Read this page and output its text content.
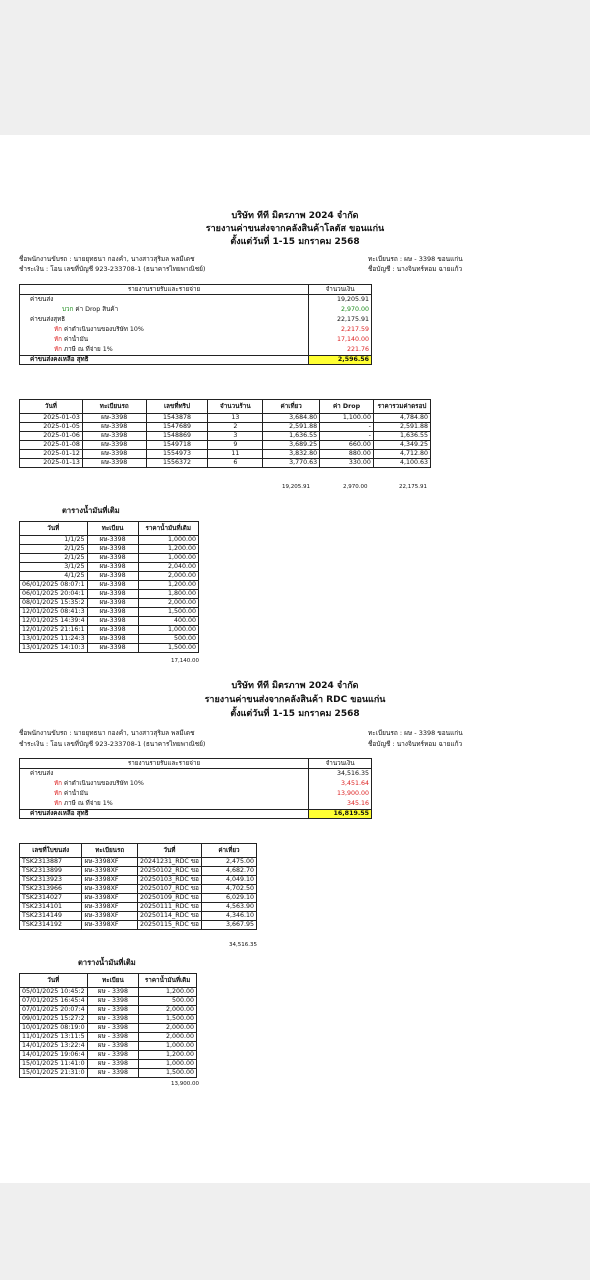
บริษัท ทีที มิตรภาพ 2024 จำกัด
รายงานค่าขนส่งจากคลังสินค้าโลตัส ขอนแก่น
ตั้งแต่วันที่ 1-15 มกราคม 2568
ชื่อพนักงานขับรถ : นายยุทธนา กองคำ, นางสาวสุริมล พลมีเดช
ชำระเงิน : โอน เลขที่บัญชี 923-233708-1 (ธนาคารไทยพาณิชย์)
ทะเบียนรถ : ผษ - 3398 ขอนแก่น
ชื่อบัญชี : นางจินทร์หอม ฉายแก้ว
รายงานรายรับและรายจ่าย	จำนวนเงิน
ค่าขนส่ง	19,205.91
บวก ค่า Drop สินค้า	2,970.00
ค่าขนส่งสุทธิ	22,175.91
หัก ค่าดำเนินงานของบริษัท 10%	2,217.59
หัก ค่าน้ำมัน	17,140.00
หัก ภาษี ณ ที่จ่าย 1%	221.76
ค่าขนส่งคงเหลือ สุทธิ	2,596.56
วันที่	ทะเบียนรถ	เลขที่ทริป	จำนวนร้าน	ค่าเที่ยว	ค่า Drop	ราคารวมค่าดรอป
2025-01-03	ผษ-3398	1543878	13	3,684.80	1,100.00	4,784.80
2025-01-05	ผษ-3398	1547689	2	2,591.88	-	2,591.88
2025-01-06	ผษ-3398	1548869	3	1,636.55	-	1,636.55
2025-01-08	ผษ-3398	1549718	9	3,689.25	660.00	4,349.25
2025-01-12	ผษ-3398	1554973	11	3,832.80	880.00	4,712.80
2025-01-13	ผษ-3398	1556372	6	3,770.63	330.00	4,100.63
19,205.91	2,970.00	22,175.91
ตารางน้ำมันที่เติม
วันที่	ทะเบียน	ราคาน้ำมันที่เติม
1/1/25	ผษ-3398	1,000.00
2/1/25	ผษ-3398	1,200.00
2/1/25	ผษ-3398	1,000.00
3/1/25	ผษ-3398	2,040.00
4/1/25	ผษ-3398	2,000.00
06/01/2025 08:07:1	ผษ-3398	1,200.00
06/01/2025 20:04:1	ผษ-3398	1,800.00
08/01/2025 15:35:2	ผษ-3398	2,000.00
12/01/2025 08:41:3	ผษ-3398	1,500.00
12/01/2025 14:39:4	ผษ-3398	400.00
12/01/2025 21:16:1	ผษ-3398	1,000.00
13/01/2025 11:24:3	ผษ-3398	500.00
13/01/2025 14:10:3	ผษ-3398	1,500.00
17,140.00
บริษัท ทีที มิตรภาพ 2024 จำกัด
รายงานค่าขนส่งจากคลังสินค้า RDC ขอนแก่น
ตั้งแต่วันที่ 1-15 มกราคม 2568
ชื่อพนักงานขับรถ : นายยุทธนา กองคำ, นางสาวสุริมล พลมีเดช
ชำระเงิน : โอน เลขที่บัญชี 923-233708-1 (ธนาคารไทยพาณิชย์)
ทะเบียนรถ : ผษ - 3398 ขอนแก่น
ชื่อบัญชี : นางจินทร์หอม ฉายแก้ว
รายงานรายรับและรายจ่าย	จำนวนเงิน
ค่าขนส่ง	34,516.35
หัก ค่าดำเนินงานของบริษัท 10%	3,451.64
หัก ค่าน้ำมัน	13,900.00
หัก ภาษี ณ ที่จ่าย 1%	345.16
ค่าขนส่งคงเหลือ สุทธิ	16,819.55
เลขที่ใบขนส่ง	ทะเบียนรถ	วันที่	ค่าเที่ยว
TSK2313887	ผษ-3398XF	20241231_RDC ขอ	2,475.00
TSK2313899	ผษ-3398XF	20250102_RDC ขอ	4,682.70
TSK2313923	ผษ-3398XF	20250103_RDC ขอ	4,049.10
TSK2313966	ผษ-3398XF	20250107_RDC ขอ	4,702.50
TSK2314027	ผษ-3398XF	20250109_RDC ขอ	6,029.10
TSK2314101	ผษ-3398XF	20250111_RDC ขอ	4,563.90
TSK2314149	ผษ-3398XF	20250114_RDC ขอ	4,346.10
TSK2314192	ผษ-3398XF	20250115_RDC ขอ	3,667.95
34,516.35
ตารางน้ำมันที่เติม
วันที่	ทะเบียน	ราคาน้ำมันที่เติม
05/01/2025 10:45:2	ผษ - 3398	1,200.00
07/01/2025 16:45:4	ผษ - 3398	500.00
07/01/2025 20:07:4	ผษ - 3398	2,000.00
09/01/2025 15:27:2	ผษ - 3398	1,500.00
10/01/2025 08:19:0	ผษ - 3398	2,000.00
11/01/2025 13:11:5	ผษ - 3398	2,000.00
14/01/2025 13:22:4	ผษ - 3398	1,000.00
14/01/2025 19:06:4	ผษ - 3398	1,200.00
15/01/2025 11:41:0	ผษ - 3398	1,000.00
15/01/2025 21:31:0	ผษ - 3398	1,500.00
13,900.00
